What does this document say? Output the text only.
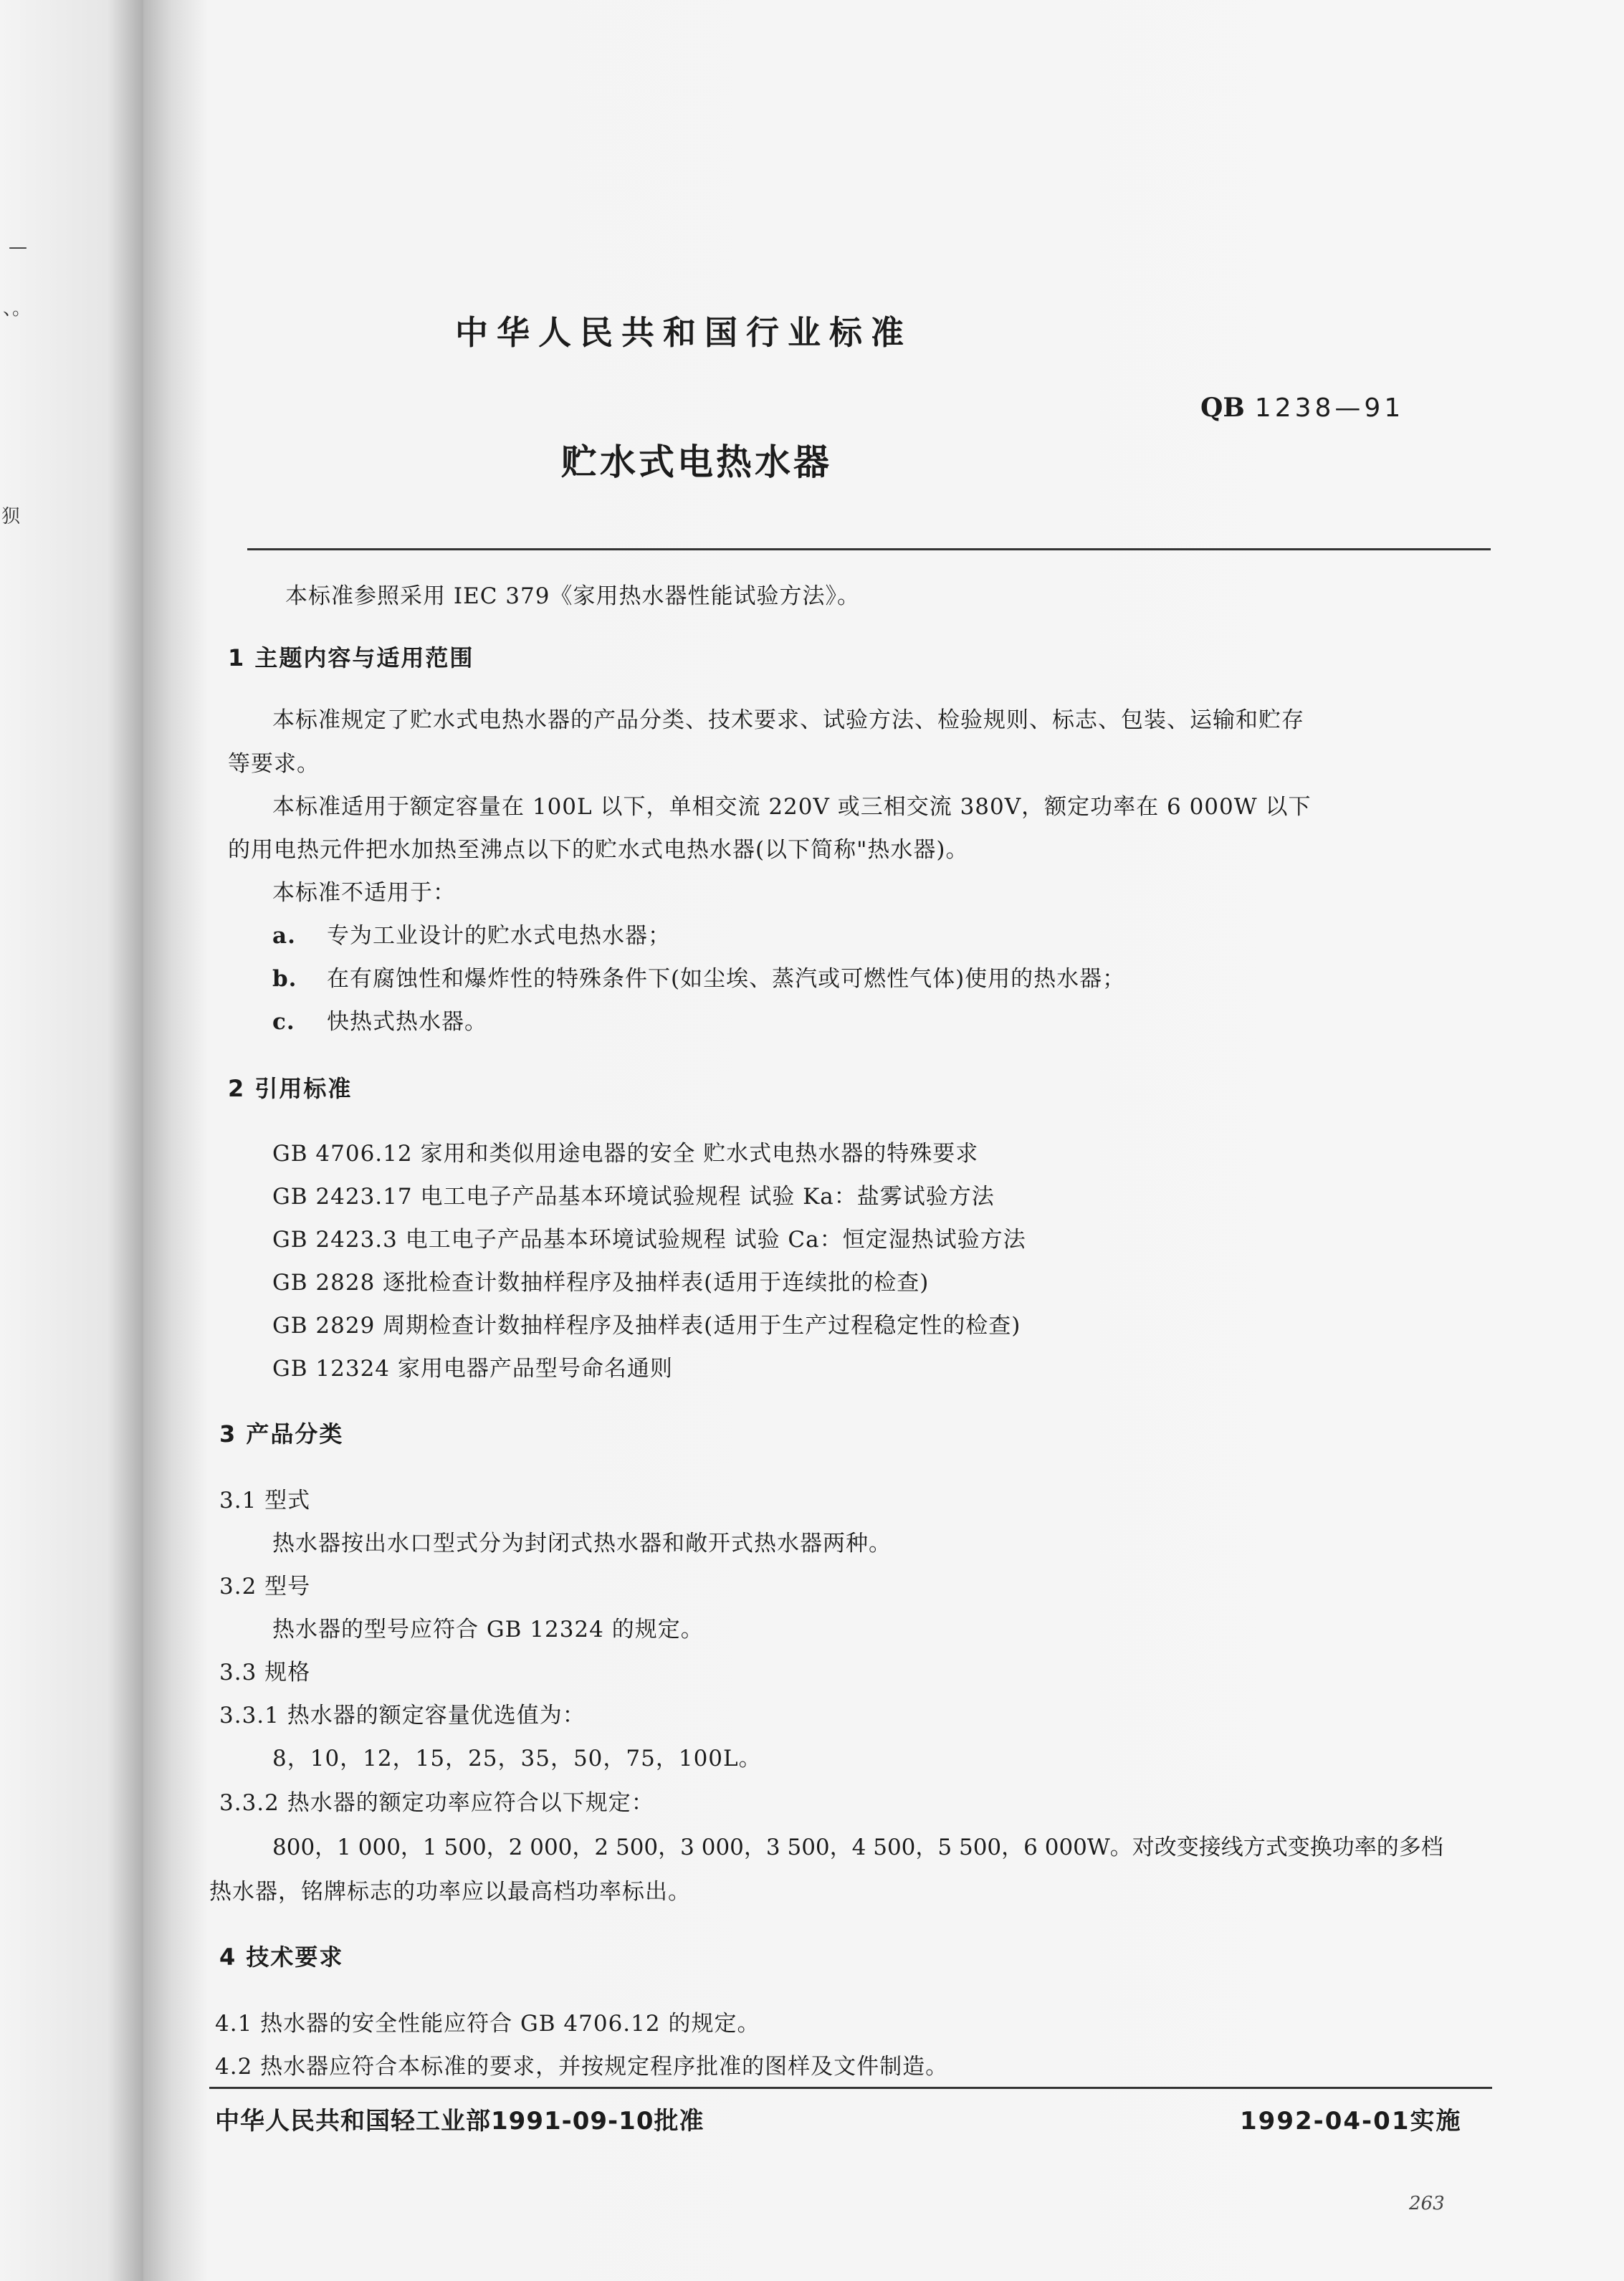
—
、。
狈
中华人民共和国行业标准
QB 1238—91
贮水式电热水器
本标准参照采用 IEC 379《家用热水器性能试验方法》。
1 主题内容与适用范围
本标准规定了贮水式电热水器的产品分类、技术要求、试验方法、检验规则、标志、包装、运输和贮存
等要求。
本标准适用于额定容量在 100L 以下，单相交流 220V 或三相交流 380V，额定功率在 6 000W 以下
的用电热元件把水加热至沸点以下的贮水式电热水器(以下简称"热水器)。
本标准不适用于：
a. 专为工业设计的贮水式电热水器；
b. 在有腐蚀性和爆炸性的特殊条件下(如尘埃、蒸汽或可燃性气体)使用的热水器；
c. 快热式热水器。
2 引用标准
GB 4706.12 家用和类似用途电器的安全 贮水式电热水器的特殊要求
GB 2423.17 电工电子产品基本环境试验规程 试验 Ka：盐雾试验方法
GB 2423.3 电工电子产品基本环境试验规程 试验 Ca：恒定湿热试验方法
GB 2828 逐批检查计数抽样程序及抽样表(适用于连续批的检查)
GB 2829 周期检查计数抽样程序及抽样表(适用于生产过程稳定性的检查)
GB 12324 家用电器产品型号命名通则
3 产品分类
3.1 型式
热水器按出水口型式分为封闭式热水器和敞开式热水器两种。
3.2 型号
热水器的型号应符合 GB 12324 的规定。
3.3 规格
3.3.1 热水器的额定容量优选值为：
8，10，12，15，25，35，50，75，100L。
3.3.2 热水器的额定功率应符合以下规定：
800，1 000，1 500，2 000，2 500，3 000，3 500，4 500，5 500，6 000W。对改变接线方式变换功率的多档
热水器，铭牌标志的功率应以最高档功率标出。
4 技术要求
4.1 热水器的安全性能应符合 GB 4706.12 的规定。
4.2 热水器应符合本标准的要求，并按规定程序批准的图样及文件制造。
中华人民共和国轻工业部1991-09-10批准	1992-04-01实施
263
